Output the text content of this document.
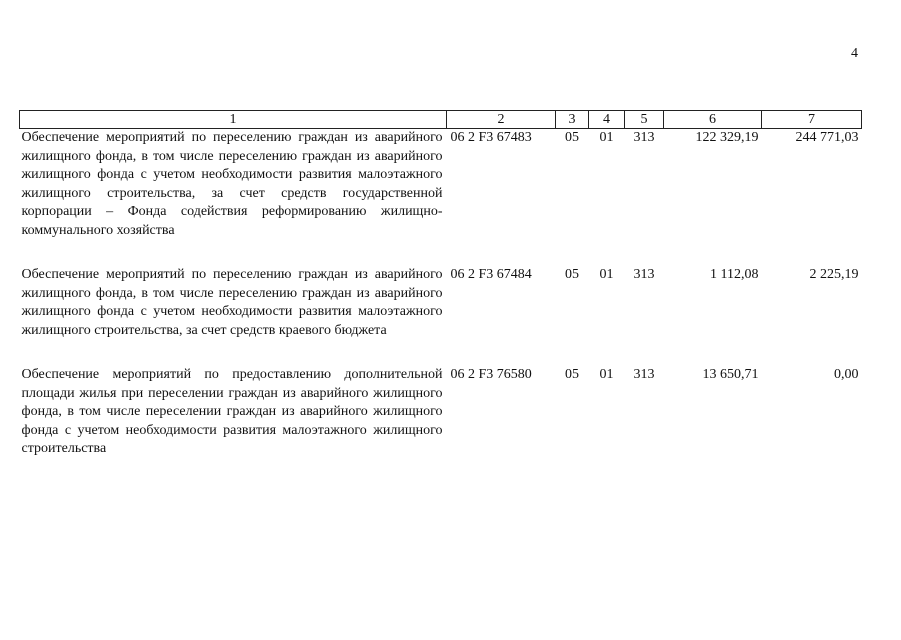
4
1	2	3	4	5	6	7
Обеспечение мероприятий по переселению граждан из аварийного жилищного фонда, в том числе переселению граждан из аварийного жилищного фонда с учетом необходимости развития малоэтажного жилищного строительства, за счет средств государственной корпорации – Фонда содействия реформированию жилищно-коммунального хозяйства	06 2 F3 67483	05	01	313	122 329,19	244 771,03

Обеспечение мероприятий по переселению граждан из аварийного жилищного фонда, в том числе переселению граждан из аварийного жилищного фонда с учетом необходимости развития малоэтажного жилищного строительства, за счет средств краевого бюджета	06 2 F3 67484	05	01	313	1 112,08	2 225,19

Обеспечение мероприятий по предоставлению дополнительной площади жилья при переселении граждан из аварийного жилищного фонда, в том числе переселении граждан из аварийного жилищного фонда с учетом необходимости развития малоэтажного жилищного строительства	06 2 F3 76580	05	01	313	13 650,71	0,00
